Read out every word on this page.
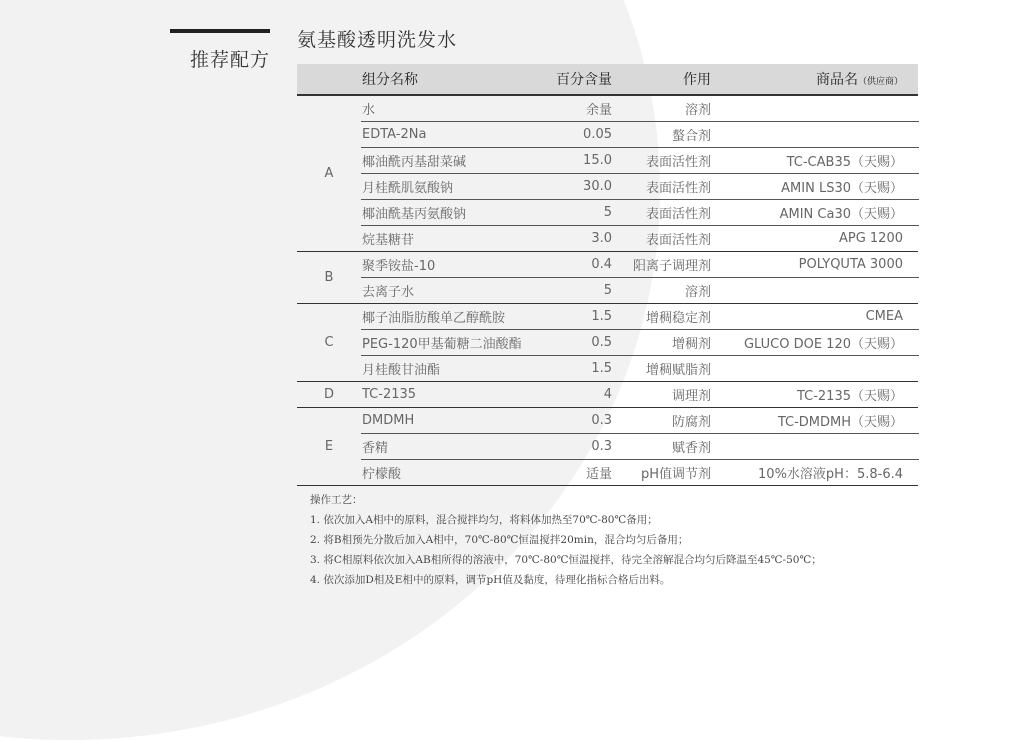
推荐配方
氨基酸透明洗发水
组分名称	百分含量	作用	商品名（供应商）
A
水	余量	溶剂
EDTA-2Na	0.05	螯合剂
椰油酰丙基甜菜碱	15.0	表面活性剂	TC-CAB35（天赐）
月桂酰肌氨酸钠	30.0	表面活性剂	AMIN LS30（天赐）
椰油酰基丙氨酸钠	5	表面活性剂	AMIN Ca30（天赐）
烷基糖苷	3.0	表面活性剂	APG 1200
B
聚季铵盐-10	0.4	阳离子调理剂	POLYQUTA 3000
去离子水	5	溶剂
C
椰子油脂肪酸单乙醇酰胺	1.5	增稠稳定剂	CMEA
PEG-120甲基葡糖二油酸酯	0.5	增稠剂	GLUCO DOE 120（天赐）
月桂酸甘油酯	1.5	增稠赋脂剂
D	TC-2135	4	调理剂	TC-2135（天赐）
E
DMDMH	0.3	防腐剂	TC-DMDMH（天赐）
香精	0.3	赋香剂
柠檬酸	适量	pH值调节剂	10%水溶液pH：5.8-6.4
操作工艺：
1. 依次加入A相中的原料，混合搅拌均匀，将料体加热至70℃-80℃备用；
2. 将B相预先分散后加入A相中，70℃-80℃恒温搅拌20min，混合均匀后备用；
3. 将C相原料依次加入AB相所得的溶液中，70℃-80℃恒温搅拌，待完全溶解混合均匀后降温至45℃-50℃；
4. 依次添加D相及E相中的原料，调节pH值及黏度，待理化指标合格后出料。
